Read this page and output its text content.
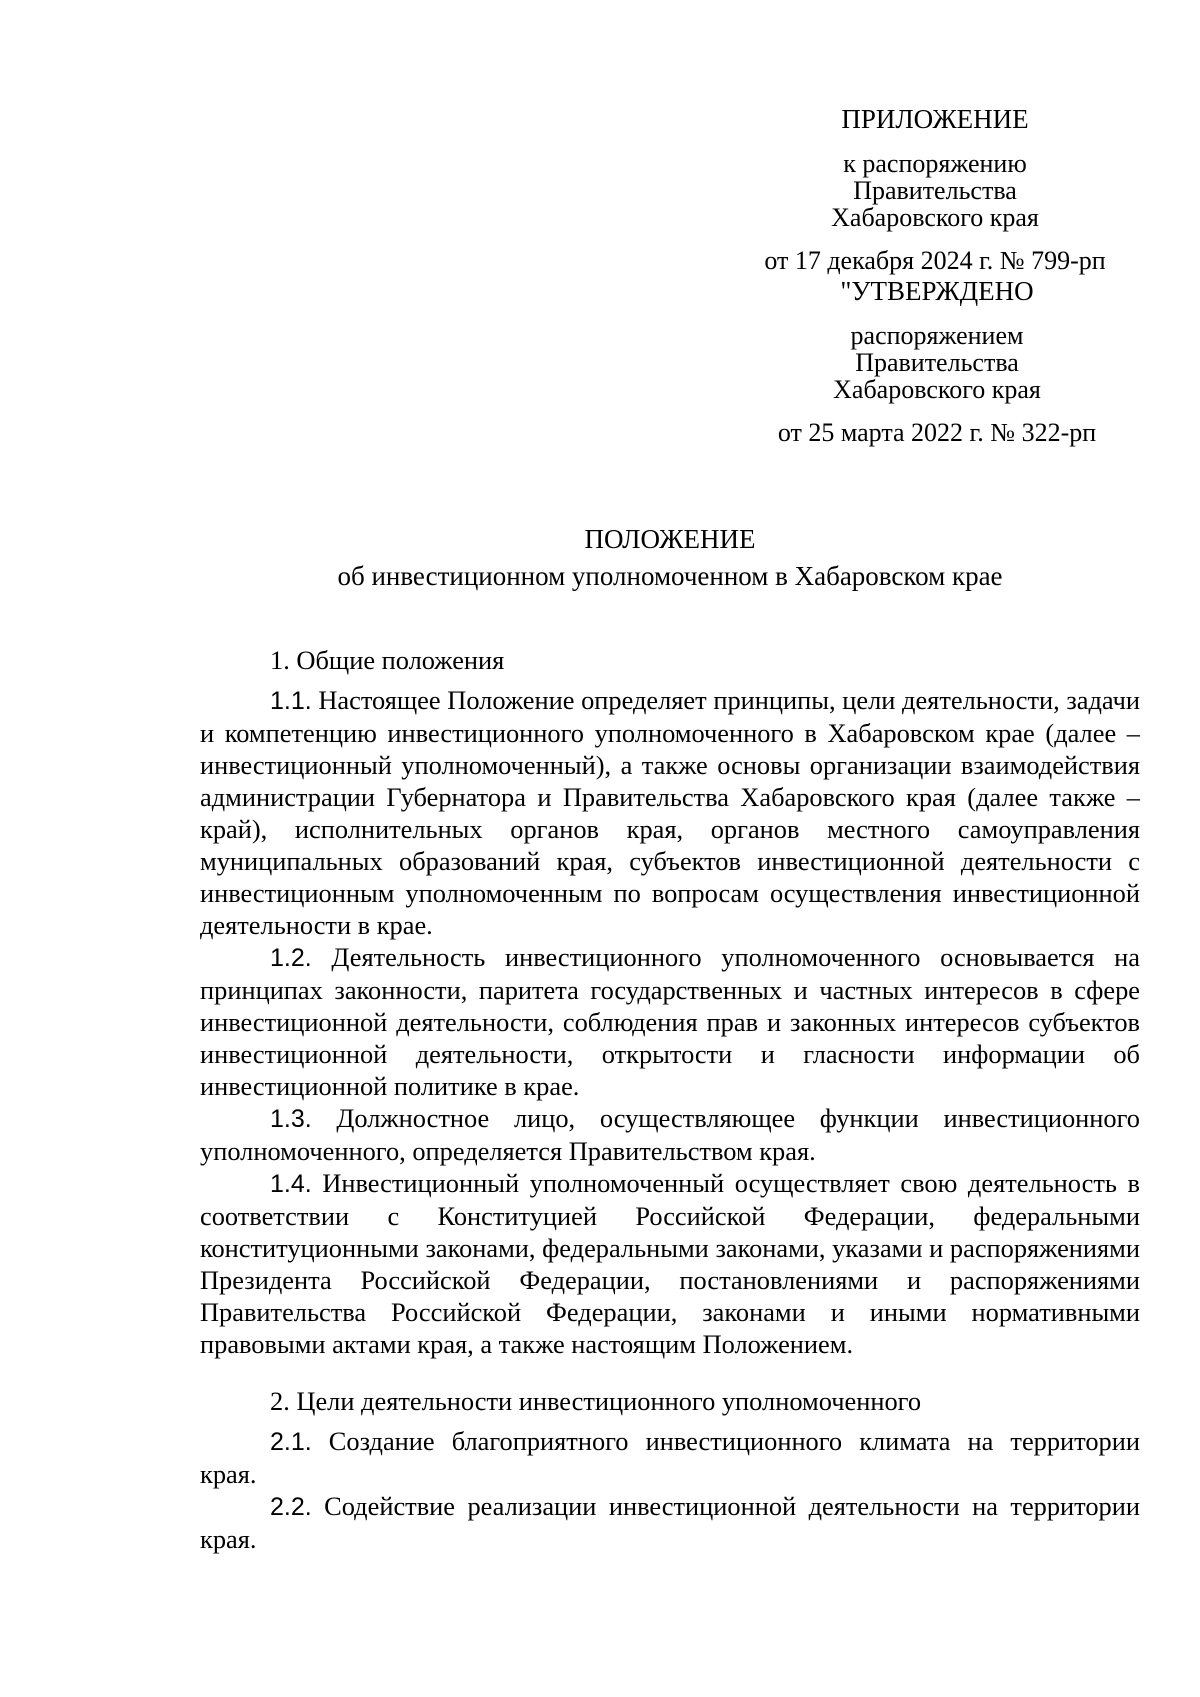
ПРИЛОЖЕНИЕ
к распоряжению
Правительства
Хабаровского края
от 17 декабря 2024 г. № 799-рп
"УТВЕРЖДЕНО
распоряжением
Правительства
Хабаровского края
от 25 марта 2022 г. № 322-рп
ПОЛОЖЕНИЕ
об инвестиционном уполномоченном в Хабаровском крае

1. Общие положения

1.1. Настоящее Положение определяет принципы, цели деятельности, задачи и компетенцию инвестиционного уполномоченного в Хабаровском крае (далее – инвестиционный уполномоченный), а также основы организации взаимодействия администрации Губернатора и Правительства Хабаровского края (далее также – край), исполнительных органов края, органов местного самоуправления муниципальных образований края, субъектов инвестиционной деятельности с инвестиционным уполномоченным по вопросам осуществления инвестиционной деятельности в крае.

1.2. Деятельность инвестиционного уполномоченного основывается на принципах законности, паритета государственных и частных интересов в сфере инвестиционной деятельности, соблюдения прав и законных интересов субъектов инвестиционной деятельности, открытости и гласности информации об инвестиционной политике в крае.

1.3. Должностное лицо, осуществляющее функции инвестиционного уполномоченного, определяется Правительством края.

1.4. Инвестиционный уполномоченный осуществляет свою деятельность в соответствии с Конституцией Российской Федерации, федеральными конституционными законами, федеральными законами, указами и распоряжениями Президента Российской Федерации, постановлениями и распоряжениями Правительства Российской Федерации, законами и иными нормативными правовыми актами края, а также настоящим Положением.

2. Цели деятельности инвестиционного уполномоченного

2.1. Создание благоприятного инвестиционного климата на территории края.

2.2. Содействие реализации инвестиционной деятельности на территории края.
